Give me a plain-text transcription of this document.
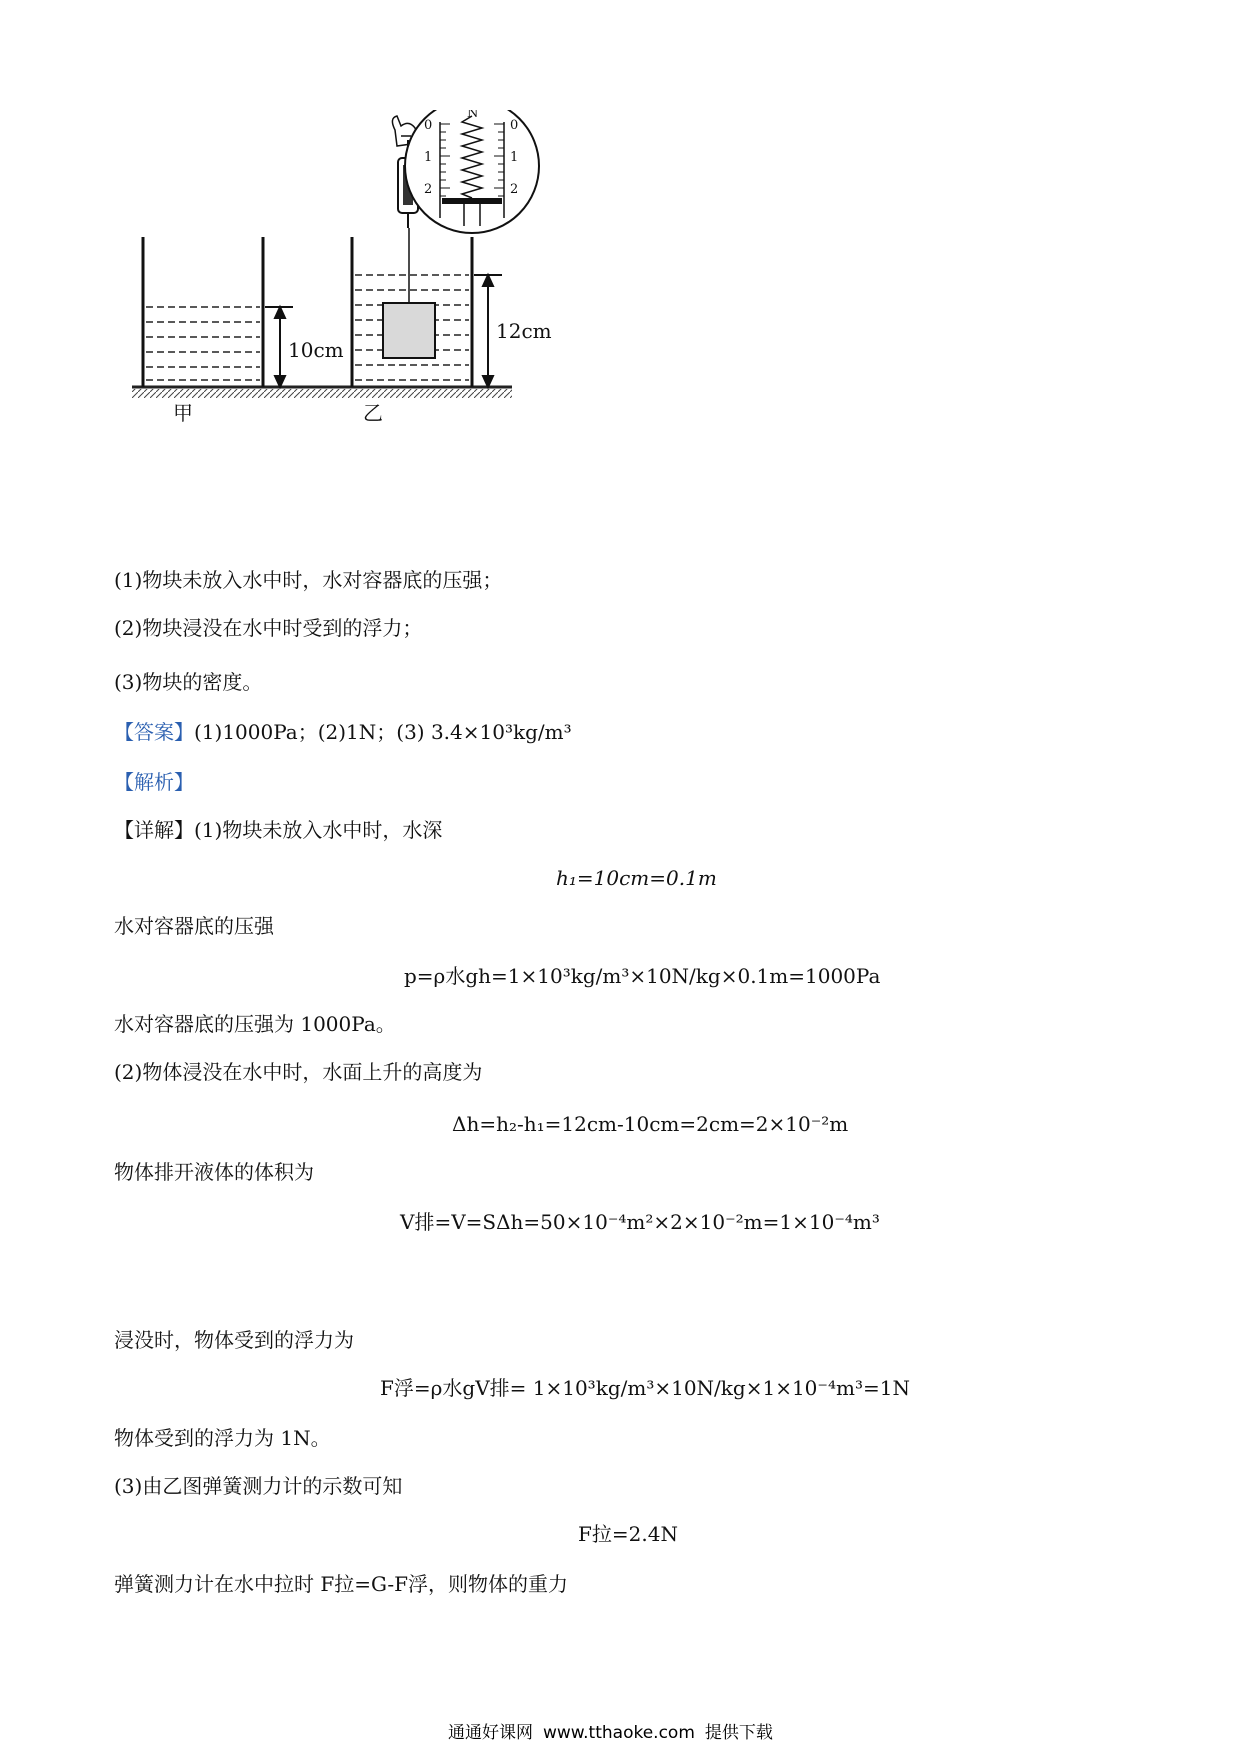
N
0
1
2
0
1
2
10cm
12cm
甲	乙
(1)物块未放入水中时，水对容器底的压强；
(2)物块浸没在水中时受到的浮力；
(3)物块的密度。
【答案】(1)1000Pa；(2)1N；(3) 3.4×10³kg/m³
【解析】
【详解】(1)物块未放入水中时，水深
h₁=10cm=0.1m
水对容器底的压强
p=ρ水gh=1×10³kg/m³×10N/kg×0.1m=1000Pa
水对容器底的压强为 1000Pa。
(2)物体浸没在水中时，水面上升的高度为
Δh=h₂-h₁=12cm-10cm=2cm=2×10⁻²m
物体排开液体的体积为
V排=V=SΔh=50×10⁻⁴m²×2×10⁻²m=1×10⁻⁴m³
浸没时，物体受到的浮力为
F浮=ρ水gV排= 1×10³kg/m³×10N/kg×1×10⁻⁴m³=1N
物体受到的浮力为 1N。
(3)由乙图弹簧测力计的示数可知
F拉=2.4N
弹簧测力计在水中拉时 F拉=G-F浮，则物体的重力
通通好课网 www.tthaoke.com 提供下载
